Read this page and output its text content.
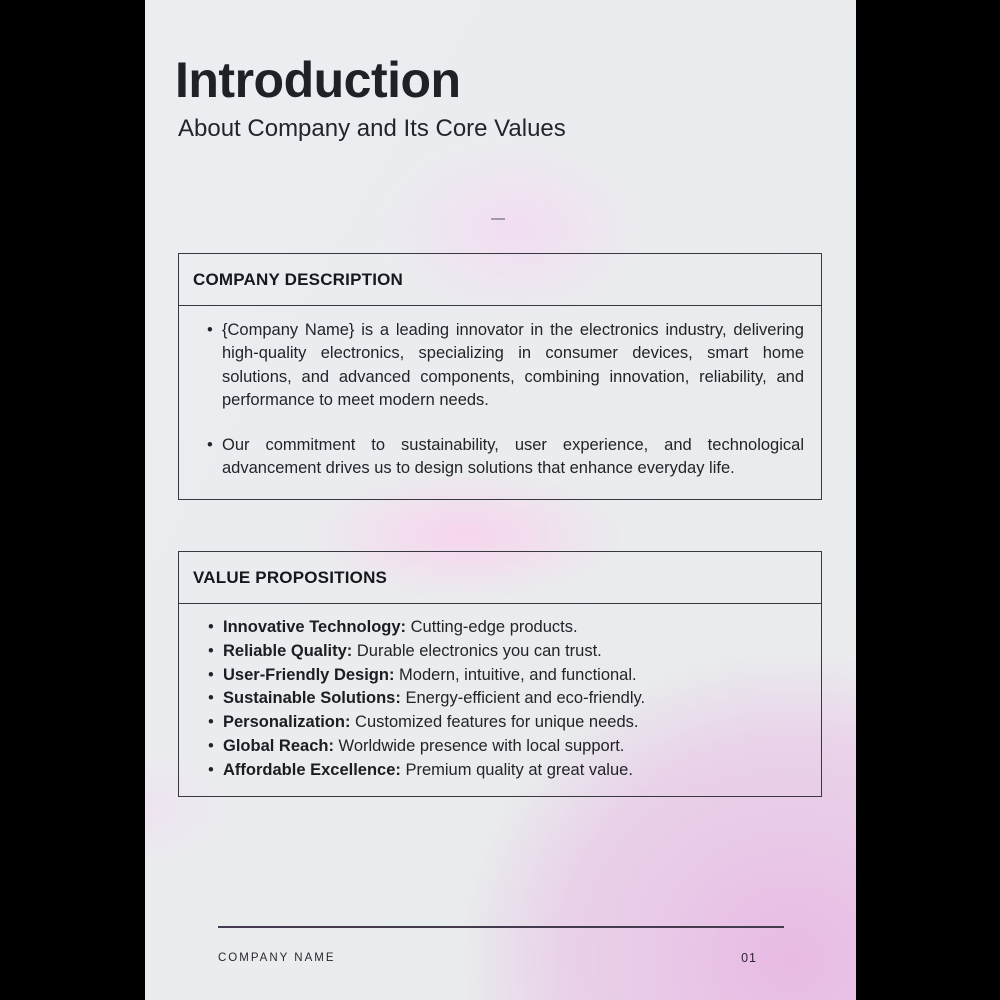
Introduction
About Company and Its Core Values
COMPANY DESCRIPTION
• {Company Name} is a leading innovator in the electronics industry, delivering high-quality electronics, specializing in consumer devices, smart home solutions, and advanced components, combining innovation, reliability, and performance to meet modern needs.
• Our commitment to sustainability, user experience, and technological advancement drives us to design solutions that enhance everyday life.
VALUE PROPOSITIONS
• Innovative Technology: Cutting-edge products.
• Reliable Quality: Durable electronics you can trust.
• User-Friendly Design: Modern, intuitive, and functional.
• Sustainable Solutions: Energy-efficient and eco-friendly.
• Personalization: Customized features for unique needs.
• Global Reach: Worldwide presence with local support.
• Affordable Excellence: Premium quality at great value.
COMPANY NAME	01
